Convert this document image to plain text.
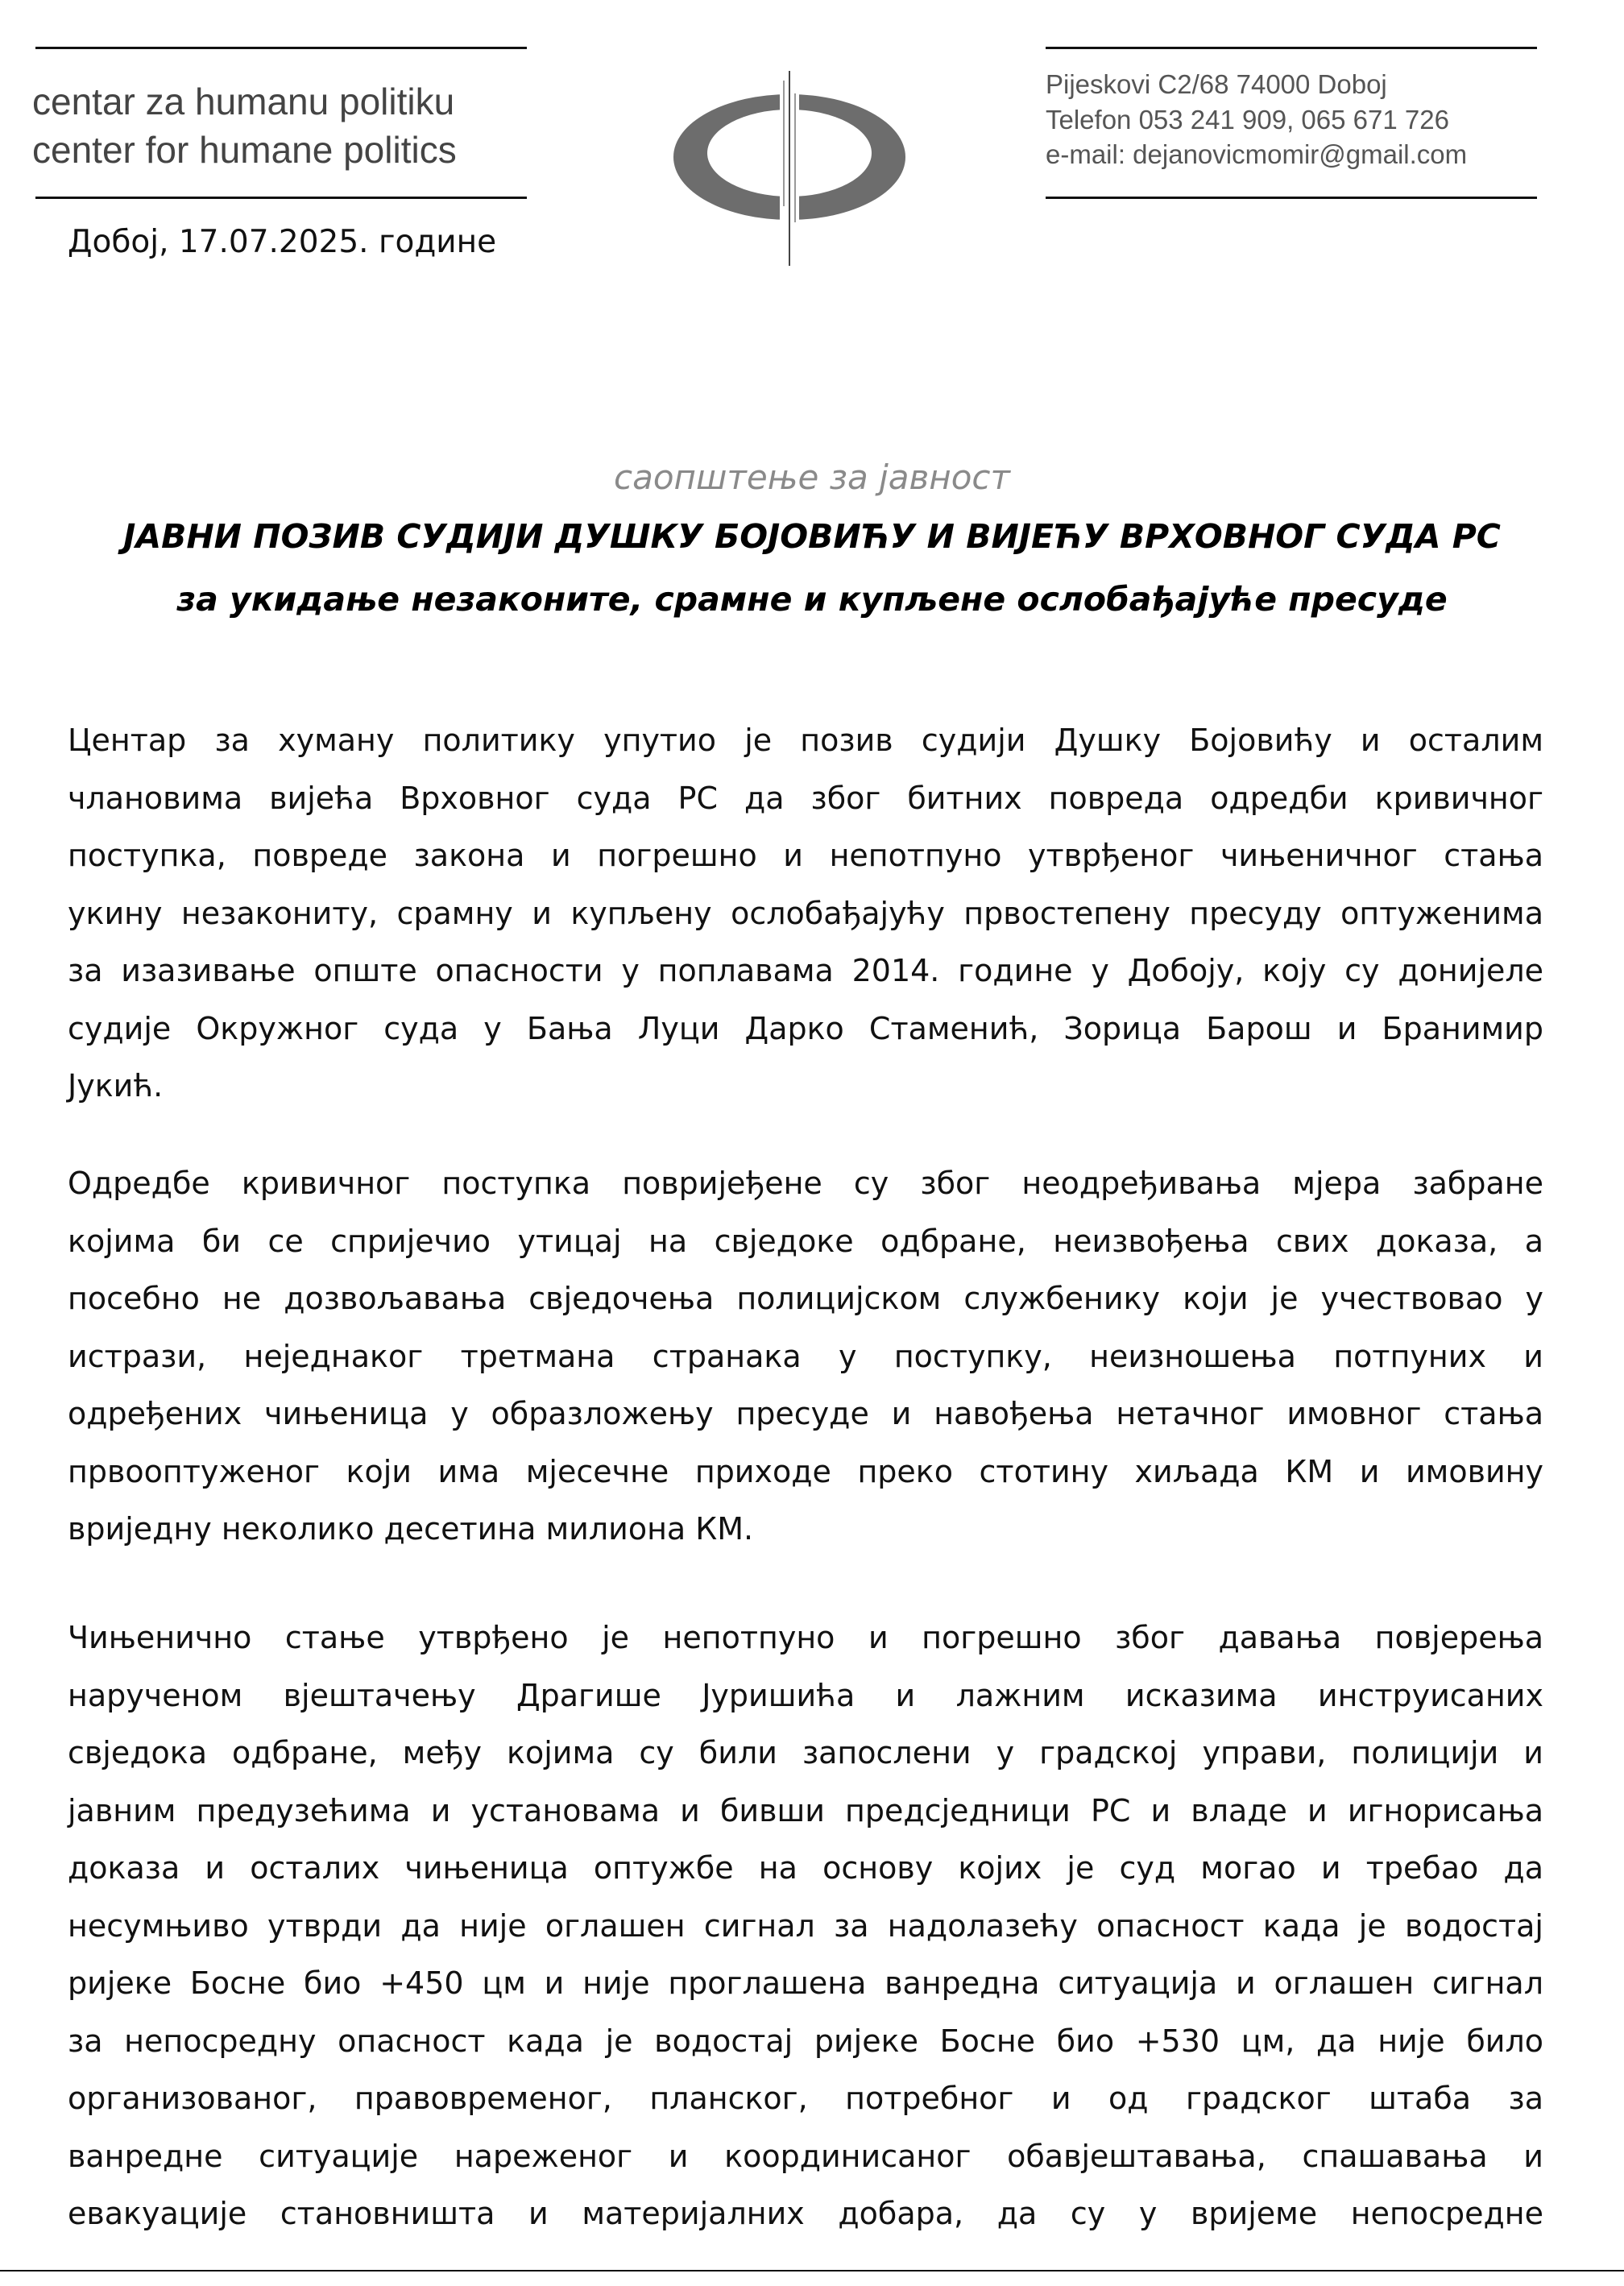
centar za humanu politiku
center for humane politics
Pijeskovi C2/68 74000 Doboj
Telefon 053 241 909, 065 671 726
e-mail: dejanovicmomir@gmail.com
Добој, 17.07.2025. године
саопштење за јавност
ЈАВНИ ПОЗИВ СУДИЈИ ДУШКУ БОЈОВИЋУ И ВИЈЕЋУ ВРХОВНОГ СУДА РС
за укидање незаконите, срамне и купљене ослобађајуће пресуде
Центар за хуману политику упутио је позив судији Душку Бојовићу и осталим
члановима вијећа Врховног суда РС да због битних повреда одредби кривичног
поступка, повреде закона и погрешно и непотпуно утврђеног чињеничног стања
укину незакониту, срамну и купљену ослобађајућу првостепену пресуду оптуженима
за изазивање опште опасности у поплавама 2014. године у Добоју, коју су донијеле
судије Окружног суда у Бања Луци Дарко Стаменић, Зорица Барош и Бранимир
Јукић.
Одредбе кривичног поступка повријеђене су због неодређивања мјера забране
којима би се спријечио утицај на свједоке одбране, неизвођења свих доказа, а
посебно не дозвољавања свједочења полицијском службенику који је учествовао у
истрази, неједнаког третмана странака у поступку, неизношења потпуних и
одређених чињеница у образложењу пресуде и навођења нетачног имовног стања
првооптуженог који има мјесечне приходе преко стотину хиљада КМ и имовину
вриједну неколико десетина милиона КМ.
Чињенично стање утврђено је непотпуно и погрешно због давања повјерења
нарученом вјештачењу Драгише Јуришића и лажним исказима инструисаних
свједока одбране, међу којима су били запослени у градској управи, полицији и
јавним предузећима и установама и бивши предсједници РС и владе и игнорисања
доказа и осталих чињеница оптужбе на основу којих је суд могао и требао да
несумњиво утврди да није оглашен сигнал за надолазећу опасност када је водостај
ријеке Босне био +450 цм и није проглашена ванредна ситуација и оглашен сигнал
за непосредну опасност када је водостај ријеке Босне био +530 цм, да није било
организованог, правовременог, планског, потребног и од градског штаба за
ванредне ситуације нареженог и координисаног обавјештавања, спашавања и
евакуације становништа и материјалних добара, да су у вријеме непосредне
